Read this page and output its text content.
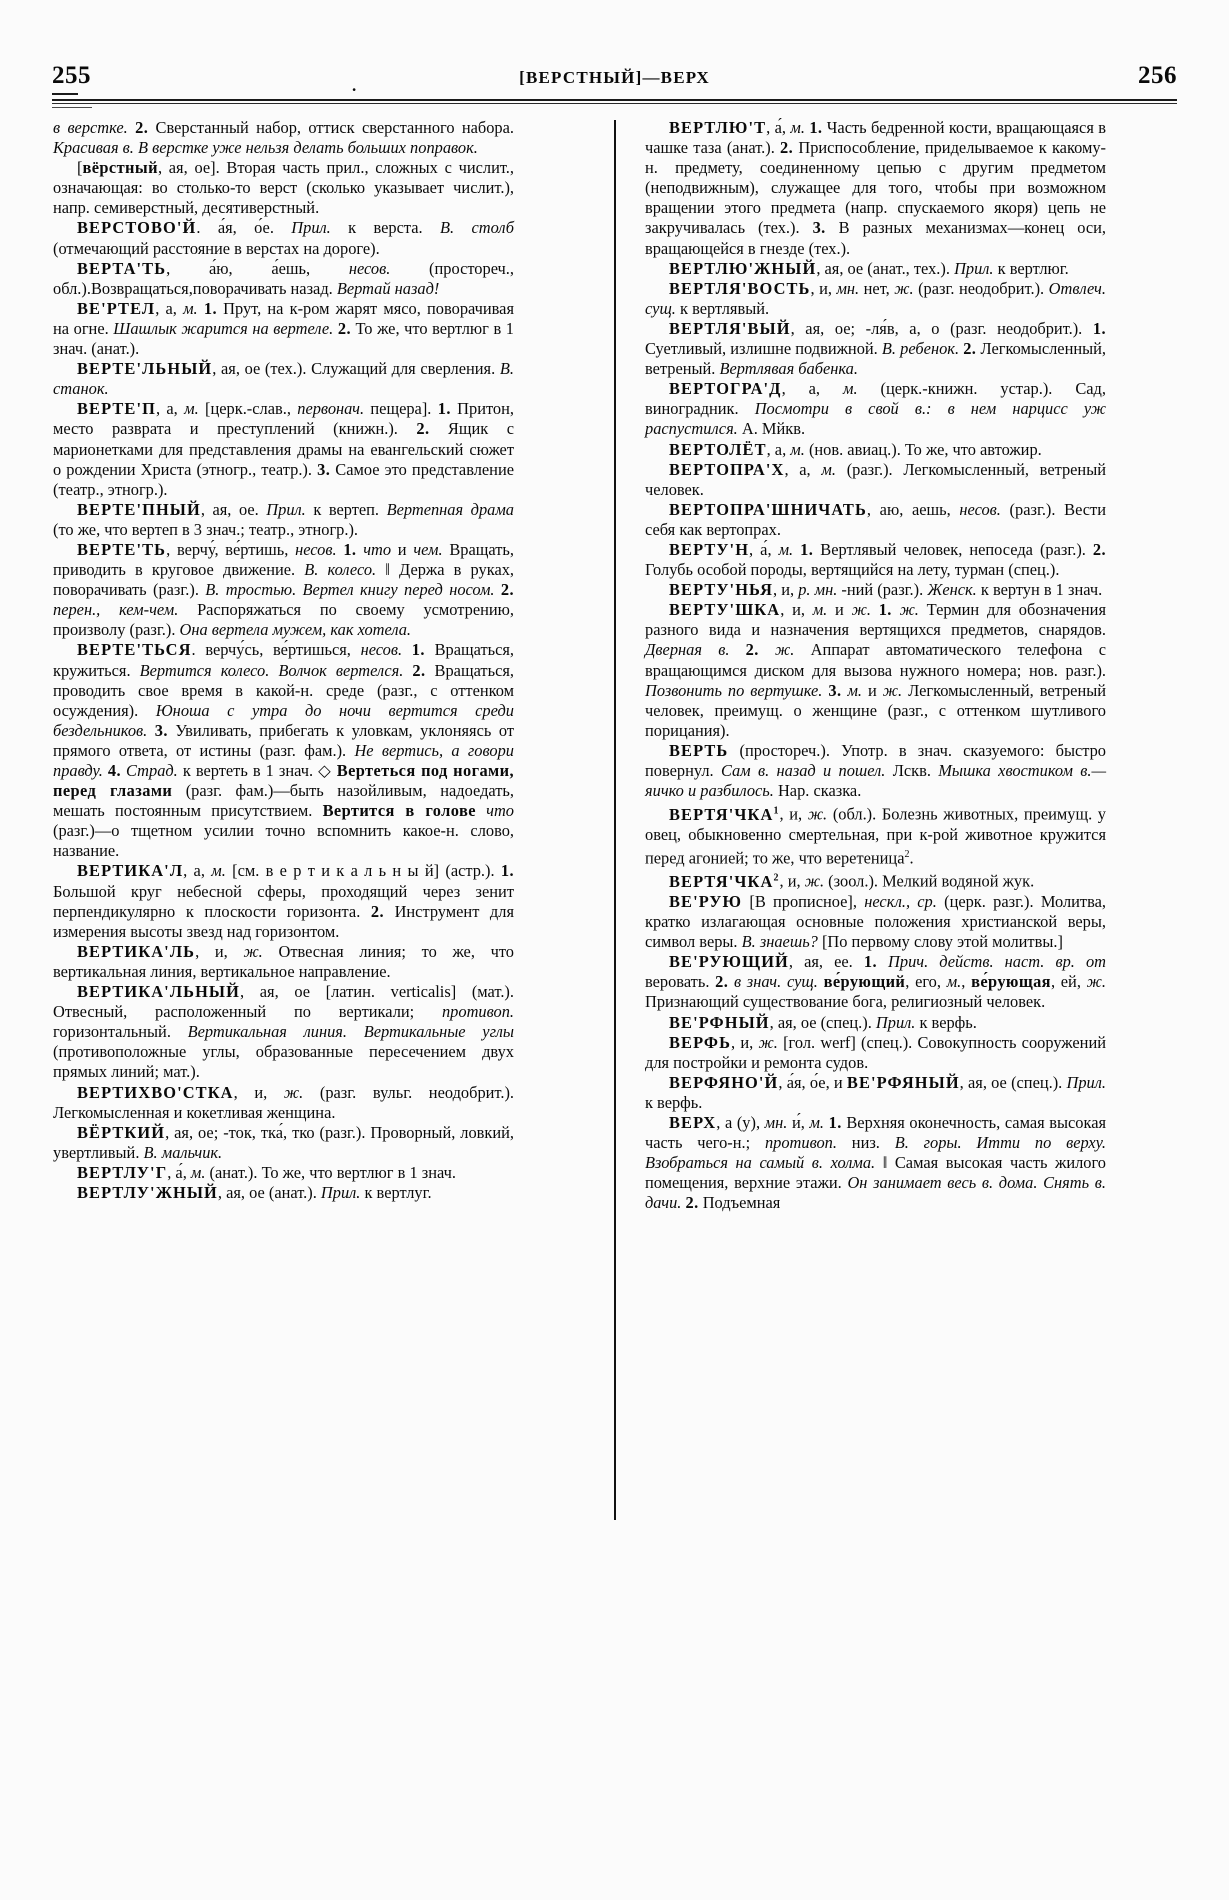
255	.	[ВЕРСТНЫЙ]—ВЕРХ	256

в верстке. 2. Сверстанный набор, оттиск сверстанного набора. Красивая в. В верстке уже нельзя делать больших поправок.

[вёрстный, ая, ое]. Вторая часть прил., сложных с числит., означающая: во столько-то верст (сколько указывает числит.), напр. семиверстный, десятиверстный.

ВЕРСТОВО'Й. а́я, о́е. Прил. к верста. В. столб (отмечающий расстояние в верстах на дороге).

ВЕРТА'ТЬ, а́ю, а́ешь, несов. (простореч., обл.).Возвращаться,поворачивать назад. Вертай назад!

ВЕ'РТЕЛ, а, м. 1. Прут, на к-ром жарят мясо, поворачивая на огне. Шашлык жарится на вертеле. 2. То же, что вертлюг в 1 знач. (анат.).

ВЕРТЕ'ЛЬНЫЙ, ая, ое (тех.). Служащий для сверления. В. станок.

ВЕРТЕ'П, а, м. [церк.-слав., первонач. пещера]. 1. Притон, место разврата и преступлений (книжн.). 2. Ящик с марионетками для представления драмы на евангельский сюжет о рождении Христа (этногр., театр.). 3. Самое это представление (театр., этногр.).

ВЕРТЕ'ПНЫЙ, ая, ое. Прил. к вертеп. Вертепная драма (то же, что вертеп в 3 знач.; театр., этногр.).

ВЕРТЕ'ТЬ, верчу́, ве́ртишь, несов. 1. что и чем. Вращать, приводить в круговое движение. В. колесо. ‖ Держа в руках, поворачивать (разг.). В. тростью. Вертел книгу перед носом. 2. перен., кем-чем. Распоряжаться по своему усмотрению, произволу (разг.). Она вертела мужем, как хотела.

ВЕРТЕ'ТЬСЯ. верчу́сь, ве́ртишься, несов. 1. Вращаться, кружиться. Вертится колесо. Волчок вертелся. 2. Вращаться, проводить свое время в какой-н. среде (разг., с оттенком осуждения). Юноша с утра до ночи вертится среди бездельников. 3. Увиливать, прибегать к уловкам, уклоняясь от прямого ответа, от истины (разг. фам.). Не вертись, а говори правду. 4. Страд. к вертеть в 1 знач. ◇ Вертеться под ногами, перед глазами (разг. фам.)—быть назойливым, надоедать, мешать постоянным присутствием. Вертится в голове что (разг.)—о тщетном усилии точно вспомнить какое-н. слово, название.

ВЕРТИКА'Л, а, м. [см. в е р т и к а л ь н ы й] (астр.). 1. Большой круг небесной сферы, проходящий через зенит перпендикулярно к плоскости горизонта. 2. Инструмент для измерения высоты звезд над горизонтом.

ВЕРТИКА'ЛЬ, и, ж. Отвесная линия; то же, что вертикальная линия, вертикальное направление.

ВЕРТИКА'ЛЬНЫЙ, ая, ое [латин. verticalis] (мат.). Отвесный, расположенный по вертикали; противоп. горизонтальный. Вертикальная линия. Вертикальные углы (противоположные углы, образованные пересечением двух прямых линий; мат.).

ВЕРТИХВО'СТКА, и, ж. (разг. вульг. неодобрит.). Легкомысленная и кокетливая женщина.

ВЁРТКИЙ, ая, ое; -ток, тка́, тко (разг.). Проворный, ловкий, увертливый. В. мальчик.

ВЕРТЛУ'Г, а́, м. (анат.). То же, что вертлюг в 1 знач.

ВЕРТЛУ'ЖНЫЙ, ая, ое (анат.). Прил. к вертлуг.

ВЕРТЛЮ'Т, а́, м. 1. Часть бедренной кости, вращающаяся в чашке таза (анат.). 2. Приспособление, приделываемое к какому-н. предмету, соединенному цепью с другим предметом (неподвижным), служащее для того, чтобы при возможном вращении этого предмета (напр. спускаемого якоря) цепь не закручивалась (тех.). 3. В разных механизмах—конец оси, вращающейся в гнезде (тех.).

ВЕРТЛЮ'ЖНЫЙ, ая, ое (анат., тех.). Прил. к вертлюг.

ВЕРТЛЯ'ВОСТЬ, и, мн. нет, ж. (разг. неодобрит.). Отвлеч. сущ. к вертлявый.

ВЕРТЛЯ'ВЫЙ, ая, ое; -ля́в, а, о (разг. неодобрит.). 1. Суетливый, излишне подвижной. В. ребенок. 2. Легкомысленный, ветреный. Вертлявая бабенка.

ВЕРТОГРА'Д, а, м. (церк.-книжн. устар.). Сад, виноградник. Посмотри в свой в.: в нем нарцисс уж распустился. А. Мйкв.

ВЕРТОЛЁТ, а, м. (нов. авиац.). То же, что автожир.

ВЕРТОПРА'Х, а, м. (разг.). Легкомысленный, ветреный человек.

ВЕРТОПРА'ШНИЧАТЬ, аю, аешь, несов. (разг.). Вести себя как вертопрах.

ВЕРТУ'Н, а́, м. 1. Вертлявый человек, непоседа (разг.). 2. Голубь особой породы, вертящийся на лету, турман (спец.).

ВЕРТУ'НЬЯ, и, р. мн. -ний (разг.). Женск. к вертун в 1 знач.

ВЕРТУ'ШКА, и, м. и ж. 1. ж. Термин для обозначения разного вида и назначения вертящихся предметов, снарядов. Дверная в. 2. ж. Аппарат автоматического телефона с вращающимся диском для вызова нужного номера; нов. разг.). Позвонить по вертушке. 3. м. и ж. Легкомысленный, ветреный человек, преимущ. о женщине (разг., с оттенком шутливого порицания).

ВЕРТЬ (простореч.). Употр. в знач. сказуемого: быстро повернул. Сам в. назад и пошел. Лскв. Мышка хвостиком в.—яичко и разбилось. Нар. сказка.

ВЕРТЯ'ЧКА$^1$, и, ж. (обл.). Болезнь животных, преимущ. у овец, обыкновенно смертельная, при к-рой животное кружится перед агонией; то же, что веретеница$^2$.

ВЕРТЯ'ЧКА$^2$, и, ж. (зоол.). Мелкий водяной жук.

ВЕ'РУЮ [В прописное], нескл., ср. (церк. разг.). Молитва, кратко излагающая основные положения христианской веры, символ веры. В. знаешь? [По первому слову этой молитвы.]

ВЕ'РУЮЩИЙ, ая, ее. 1. Прич. действ. наст. вр. от веровать. 2. в знач. сущ. ве́рующий, его, м., ве́рующая, ей, ж. Признающий существование бога, религиозный человек.

ВЕ'РФНЫЙ, ая, ое (спец.). Прил. к верфь.

ВЕРФЬ, и, ж. [гол. werf] (спец.). Совокупность сооружений для постройки и ремонта судов.

ВЕРФЯНО'Й, а́я, о́е, и ВЕ'РФЯНЫЙ, ая, ое (спец.). Прил. к верфь.

ВЕРХ, а (у), мн. и́, м. 1. Верхняя оконечность, самая высокая часть чего-н.; противоп. низ. В. горы. Итти по верху. Взобраться на самый в. холма. ‖ Самая высокая часть жилого помещения, верхние этажи. Он занимает весь в. дома. Снять в. дачи. 2. Подъемная
